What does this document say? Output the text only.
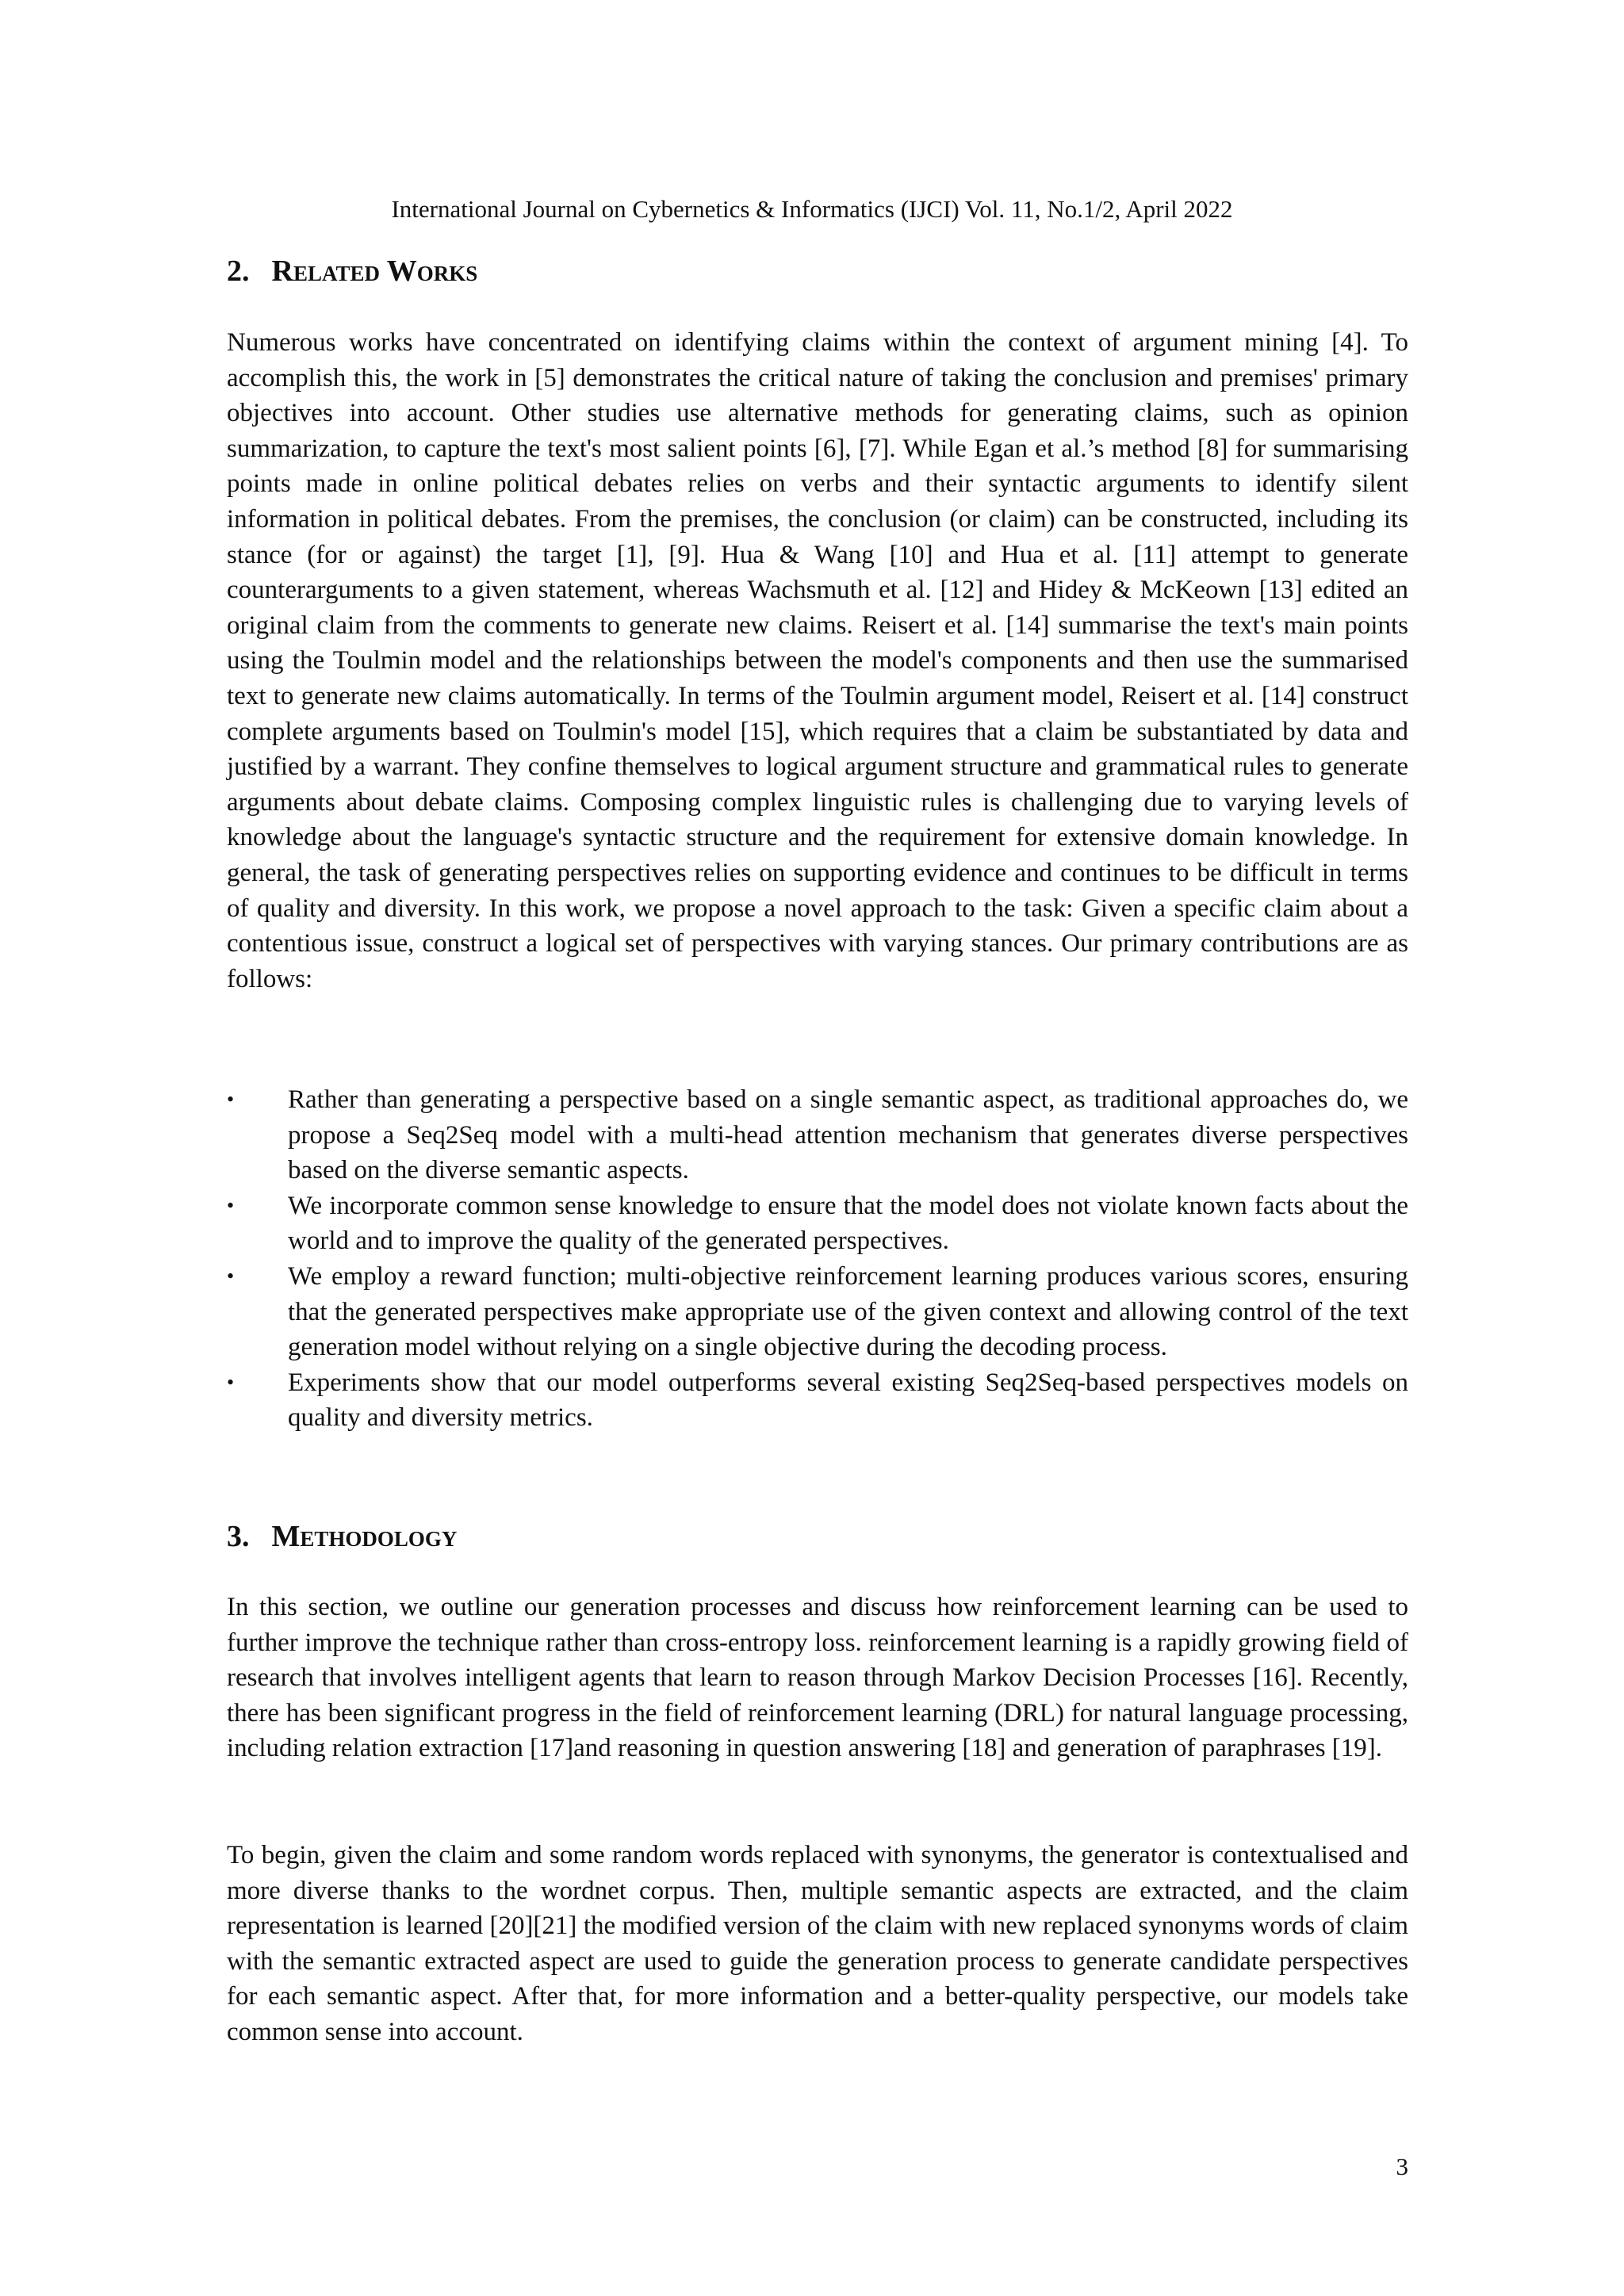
International Journal on Cybernetics & Informatics (IJCI) Vol. 11, No.1/2, April 2022
2. Related Works

Numerous works have concentrated on identifying claims within the context of argument mining [4]. To accomplish this, the work in [5] demonstrates the critical nature of taking the conclusion and premises' primary objectives into account. Other studies use alternative methods for generating claims, such as opinion summarization, to capture the text's most salient points [6], [7]. While Egan et al.’s method [8] for summarising points made in online political debates relies on verbs and their syntactic arguments to identify silent information in political debates. From the premises, the conclusion (or claim) can be constructed, including its stance (for or against) the target [1], [9]. Hua & Wang [10] and Hua et al. [11] attempt to generate counterarguments to a given statement, whereas Wachsmuth et al. [12] and Hidey & McKeown [13] edited an original claim from the comments to generate new claims. Reisert et al. [14] summarise the text's main points using the Toulmin model and the relationships between the model's components and then use the summarised text to generate new claims automatically. In terms of the Toulmin argument model, Reisert et al. [14] construct complete arguments based on Toulmin's model [15], which requires that a claim be substantiated by data and justified by a warrant. They confine themselves to logical argument structure and grammatical rules to generate arguments about debate claims. Composing complex linguistic rules is challenging due to varying levels of knowledge about the language's syntactic structure and the requirement for extensive domain knowledge. In general, the task of generating perspectives relies on supporting evidence and continues to be difficult in terms of quality and diversity. In this work, we propose a novel approach to the task: Given a specific claim about a contentious issue, construct a logical set of perspectives with varying stances. Our primary contributions are as follows:

• Rather than generating a perspective based on a single semantic aspect, as traditional approaches do, we propose a Seq2Seq model with a multi-head attention mechanism that generates diverse perspectives based on the diverse semantic aspects.
• We incorporate common sense knowledge to ensure that the model does not violate known facts about the world and to improve the quality of the generated perspectives.
• We employ a reward function; multi-objective reinforcement learning produces various scores, ensuring that the generated perspectives make appropriate use of the given context and allowing control of the text generation model without relying on a single objective during the decoding process.
• Experiments show that our model outperforms several existing Seq2Seq-based perspectives models on quality and diversity metrics.
3. Methodology

In this section, we outline our generation processes and discuss how reinforcement learning can be used to further improve the technique rather than cross-entropy loss. reinforcement learning is a rapidly growing field of research that involves intelligent agents that learn to reason through Markov Decision Processes [16]. Recently, there has been significant progress in the field of reinforcement learning (DRL) for natural language processing, including relation extraction [17]and reasoning in question answering [18] and generation of paraphrases [19].

To begin, given the claim and some random words replaced with synonyms, the generator is contextualised and more diverse thanks to the wordnet corpus. Then, multiple semantic aspects are extracted, and the claim representation is learned [20][21] the modified version of the claim with new replaced synonyms words of claim with the semantic extracted aspect are used to guide the generation process to generate candidate perspectives for each semantic aspect. After that, for more information and a better-quality perspective, our models take common sense into account.

3
